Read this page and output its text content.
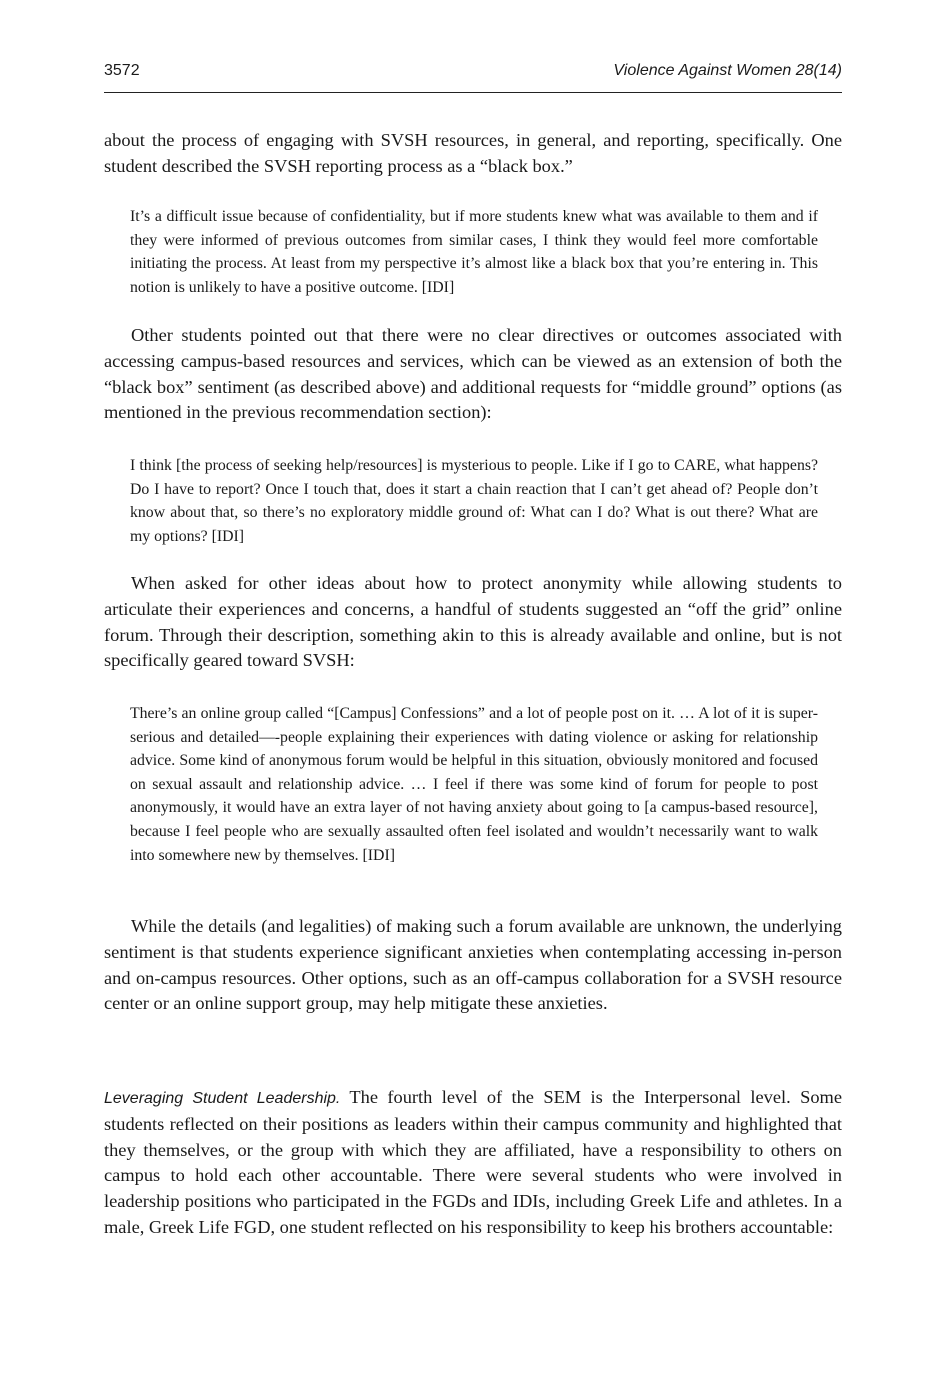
3572	Violence Against Women 28(14)

about the process of engaging with SVSH resources, in general, and reporting, specifically. One student described the SVSH reporting process as a “black box.”

It’s a difficult issue because of confidentiality, but if more students knew what was available to them and if they were informed of previous outcomes from similar cases, I think they would feel more comfortable initiating the process. At least from my perspective it’s almost like a black box that you’re entering in. This notion is unlikely to have a positive outcome. [IDI]

Other students pointed out that there were no clear directives or outcomes associated with accessing campus-based resources and services, which can be viewed as an extension of both the “black box” sentiment (as described above) and additional requests for “middle ground” options (as mentioned in the previous recommendation section):

I think [the process of seeking help/resources] is mysterious to people. Like if I go to CARE, what happens? Do I have to report? Once I touch that, does it start a chain reaction that I can’t get ahead of? People don’t know about that, so there’s no exploratory middle ground of: What can I do? What is out there? What are my options? [IDI]

When asked for other ideas about how to protect anonymity while allowing students to articulate their experiences and concerns, a handful of students suggested an “off the grid” online forum. Through their description, something akin to this is already available and online, but is not specifically geared toward SVSH:

There’s an online group called “[Campus] Confessions” and a lot of people post on it. … A lot of it is super-serious and detailed—-people explaining their experiences with dating violence or asking for relationship advice. Some kind of anonymous forum would be helpful in this situation, obviously monitored and focused on sexual assault and relationship advice. … I feel if there was some kind of forum for people to post anonymously, it would have an extra layer of not having anxiety about going to [a campus-based resource], because I feel people who are sexually assaulted often feel isolated and wouldn’t necessarily want to walk into somewhere new by themselves. [IDI]

While the details (and legalities) of making such a forum available are unknown, the underlying sentiment is that students experience significant anxieties when contemplating accessing in-person and on-campus resources. Other options, such as an off-campus collaboration for a SVSH resource center or an online support group, may help mitigate these anxieties.

Leveraging Student Leadership. The fourth level of the SEM is the Interpersonal level. Some students reflected on their positions as leaders within their campus community and highlighted that they themselves, or the group with which they are affiliated, have a responsibility to others on campus to hold each other accountable. There were several students who were involved in leadership positions who participated in the FGDs and IDIs, including Greek Life and athletes. In a male, Greek Life FGD, one student reflected on his responsibility to keep his brothers accountable:
